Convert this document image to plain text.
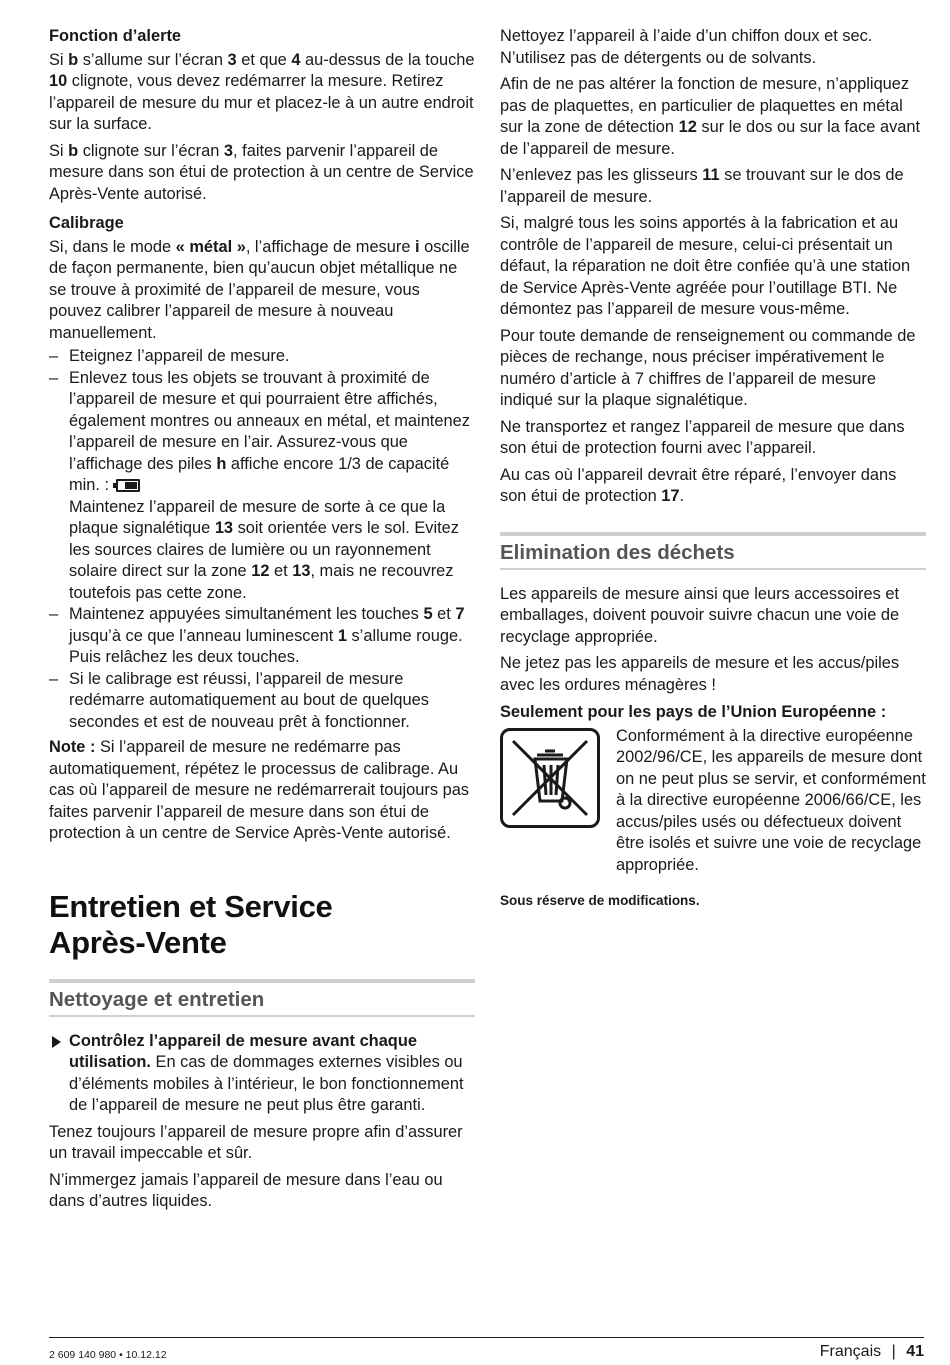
Fonction d’alerte

Si b s’allume sur l’écran 3 et que 4 au-dessus de la touche 10 clignote, vous devez redémarrer la mesure. Retirez l’appareil de mesure du mur et placez-le à un autre endroit sur la surface.

Si b clignote sur l’écran 3, faites parvenir l’appareil de mesure dans son étui de protection à un centre de Service Après-Vente autorisé.

Calibrage

Si, dans le mode « métal », l’affichage de mesure i oscille de façon permanente, bien qu’aucun objet métallique ne se trouve à proximité de l’appareil de mesure, vous pouvez calibrer l’appareil de mesure à nouveau manuellement.

– Eteignez l’appareil de mesure.
– Enlevez tous les objets se trouvant à proximité de l’appareil de mesure et qui pourraient être affichés, également montres ou anneaux en métal, et maintenez l’appareil de mesure en l’air. Assurez-vous que l’affichage des piles h affiche encore 1/3 de capacité min. :

Maintenez l’appareil de mesure de sorte à ce que la plaque signalétique 13 soit orientée vers le sol. Evitez les sources claires de lumière ou un rayonnement solaire direct sur la zone 12 et 13, mais ne recouvrez toutefois pas cette zone.
– Maintenez appuyées simultanément les touches 5 et 7 jusqu’à ce que l’anneau luminescent 1 s’allume rouge. Puis relâchez les deux touches.
– Si le calibrage est réussi, l’appareil de mesure redémarre automatiquement au bout de quelques secondes et est de nouveau prêt à fonctionner.

Note : Si l’appareil de mesure ne redémarre pas automatiquement, répétez le processus de calibrage. Au cas où l’appareil de mesure ne redémarrerait toujours pas faites parvenir l’appareil de mesure dans son étui de protection à un centre de Service Après-Vente autorisé.

Entretien et Service Après-Vente
Nettoyage et entretien
Contrôlez l’appareil de mesure avant chaque utilisation. En cas de dommages externes visibles ou d’éléments mobiles à l’intérieur, le bon fonctionnement de l’appareil de mesure ne peut plus être garanti.

Tenez toujours l’appareil de mesure propre afin d’assurer un travail impeccable et sûr.

N’immergez jamais l’appareil de mesure dans l’eau ou dans d’autres liquides.

Nettoyez l’appareil à l’aide d’un chiffon doux et sec. N’utilisez pas de détergents ou de solvants.

Afin de ne pas altérer la fonction de mesure, n’appliquez pas de plaquettes, en particulier de plaquettes en métal sur la zone de détection 12 sur le dos ou sur la face avant de l’appareil de mesure.

N’enlevez pas les glisseurs 11 se trouvant sur le dos de l’appareil de mesure.

Si, malgré tous les soins apportés à la fabrication et au contrôle de l’appareil de mesure, celui-ci présentait un défaut, la réparation ne doit être confiée qu’à une station de Service Après-Vente agréée pour l’outillage BTI. Ne démontez pas l’appareil de mesure vous-même.

Pour toute demande de renseignement ou commande de pièces de rechange, nous préciser impérativement le numéro d’article à 7 chiffres de l’appareil de mesure indiqué sur la plaque signalétique.

Ne transportez et rangez l’appareil de mesure que dans son étui de protection fourni avec l’appareil.

Au cas où l’appareil devrait être réparé, l’envoyer dans son étui de protection 17.

Elimination des déchets

Les appareils de mesure ainsi que leurs accessoires et emballages, doivent pouvoir suivre chacun une voie de recyclage appropriée.

Ne jetez pas les appareils de mesure et les accus/piles avec les ordures ménagères !

Seulement pour les pays de l’Union Européenne :

Conformément à la directive européenne 2002/96/CE, les appareils de mesure dont on ne peut plus se servir, et conformément à la directive européenne 2006/66/CE, les accus/piles usés ou défectueux doivent être isolés et suivre une voie de recyclage appropriée.
Sous réserve de modifications.
2 609 140 980 • 10.12.12	Français | 41
